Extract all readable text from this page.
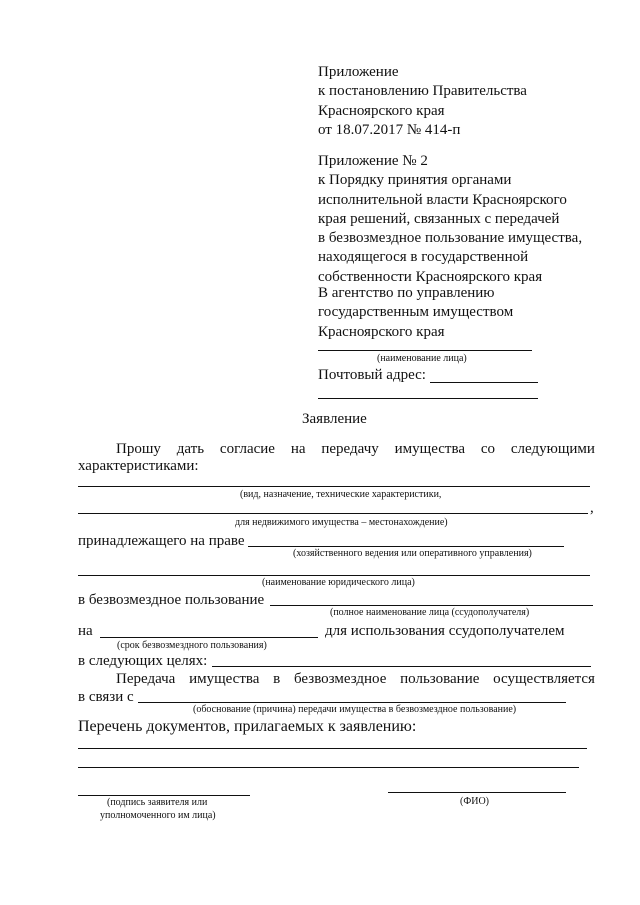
Приложение
к постановлению Правительства
Красноярского края
от 18.07.2017 № 414-п
Приложение № 2
к Порядку принятия органами
исполнительной власти Красноярского
края решений, связанных с передачей
в безвозмездное пользование имущества,
находящегося в государственной
собственности Красноярского края
В агентство по управлению
государственным имуществом
Красноярского края
(наименование лица)
Почтовый адрес:
Заявление
Прошу дать согласие на передачу имущества со следующими
характеристиками:
(вид, назначение, технические характеристики,
,
для недвижимого имущества – местонахождение)
принадлежащего на праве
(хозяйственного ведения или оперативного управления)
(наименование юридического лица)
в безвозмездное пользование
(полное наименование лица (ссудополучателя)
на	для использования ссудополучателем
(срок безвозмездного пользования)
в следующих целях:
Передача имущества в безвозмездное пользование осуществляется
в связи с
(обоснование (причина) передачи имущества в безвозмездное пользование)
Перечень документов, прилагаемых к заявлению:
(подпись заявителя или
уполномоченного им лица)
(ФИО)
